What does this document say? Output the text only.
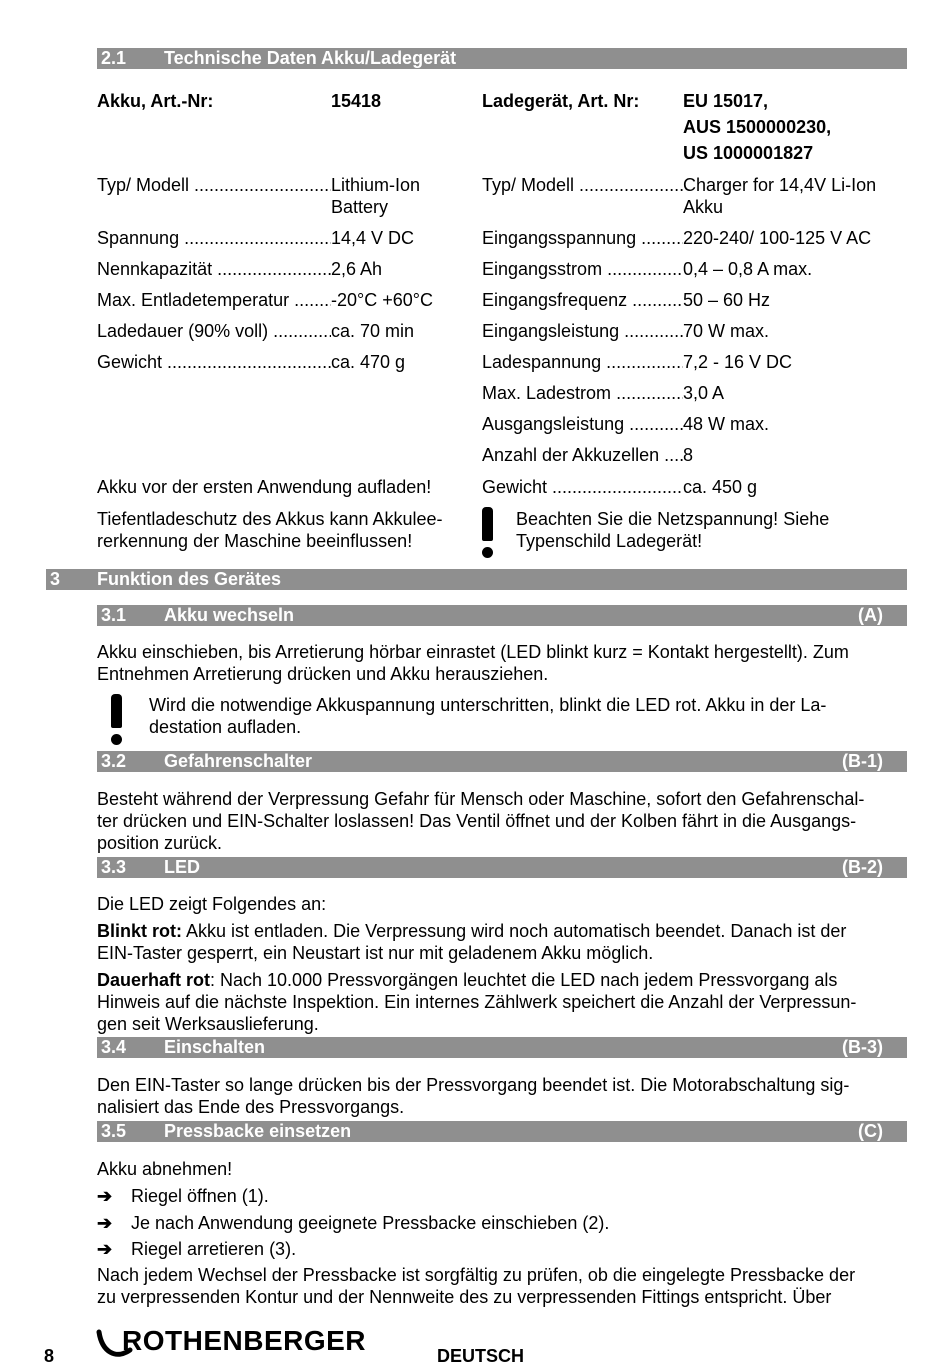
2.1 Technische Daten Akku/Ladegerät
Akku, Art.-Nr:	15418
Typ/ Modell .....	Lithium-Ion
Battery
Spannung .....	14,4 V DC
Nennkapazität .....	2,6 Ah
Max. Entladetemperatur .....	-20°C +60°C
Ladedauer (90% voll) .....	ca. 70 min
Gewicht .....	ca. 470 g
Akku vor der ersten Anwendung aufladen!
Tiefentladeschutz des Akkus kann Akkulee-
rerkennung der Maschine beeinflussen!
Ladegerät, Art. Nr: EU 15017,
AUS 1500000230,
US 1000001827
Typ/ Modell .....	Charger for 14,4V Li-Ion
Akku
Eingangsspannung .....	220-240/ 100-125 V AC
Eingangsstrom .....	0,4 – 0,8 A max.
Eingangsfrequenz .....	50 – 60 Hz
Eingangsleistung .....	70 W max.
Ladespannung .....	7,2 - 16 V DC
Max. Ladestrom .....	3,0 A
Ausgangsleistung .....	48 W max.
Anzahl der Akkuzellen .....	8
Gewicht .....	ca. 450 g
Beachten Sie die Netzspannung! Siehe
Typenschild Ladegerät!
3 Funktion des Gerätes
3.1 Akku wechseln	(A)
Akku einschieben, bis Arretierung hörbar einrastet (LED blinkt kurz = Kontakt hergestellt). Zum
Entnehmen Arretierung drücken und Akku herausziehen.
Wird die notwendige Akkuspannung unterschritten, blinkt die LED rot. Akku in der La-
destation aufladen.
3.2 Gefahrenschalter	(B-1)
Besteht während der Verpressung Gefahr für Mensch oder Maschine, sofort den Gefahrenschal-
ter drücken und EIN-Schalter loslassen! Das Ventil öffnet und der Kolben fährt in die Ausgangs-
position zurück.
3.3 LED	(B-2)
Die LED zeigt Folgendes an:
Blinkt rot: Akku ist entladen. Die Verpressung wird noch automatisch beendet. Danach ist der
EIN-Taster gesperrt, ein Neustart ist nur mit geladenem Akku möglich.
Dauerhaft rot: Nach 10.000 Pressvorgängen leuchtet die LED nach jedem Pressvorgang als
Hinweis auf die nächste Inspektion. Ein internes Zählwerk speichert die Anzahl der Verpressun-
gen seit Werksauslieferung.
3.4 Einschalten	(B-3)
Den EIN-Taster so lange drücken bis der Pressvorgang beendet ist. Die Motorabschaltung sig-
nalisiert das Ende des Pressvorgangs.
3.5 Pressbacke einsetzen	(C)
Akku abnehmen!
➔ Riegel öffnen (1).
➔ Je nach Anwendung geeignete Pressbacke einschieben (2).
➔ Riegel arretieren (3).
Nach jedem Wechsel der Pressbacke ist sorgfältig zu prüfen, ob die eingelegte Pressbacke der
zu verpressenden Kontur und der Nennweite des zu verpressenden Fittings entspricht. Über
8 ROTHENBERGER	DEUTSCH
